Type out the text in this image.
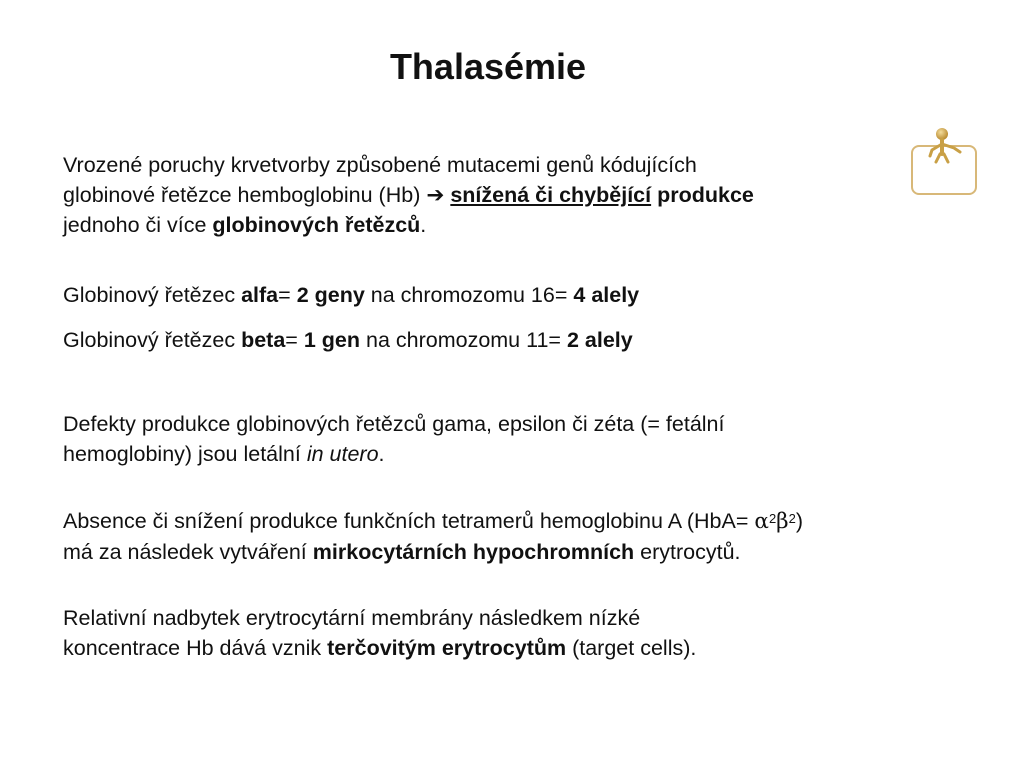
Thalasémie

Vrozené poruchy krvetvorby způsobené mutacemi genů kódujících
globinové řetězce hemboglobinu (Hb) ➔ snížená či chybějící produkce
jednoho či více globinových řetězců.

Globinový řetězec alfa= 2 geny na chromozomu 16= 4 alely

Globinový řetězec beta= 1 gen na chromozomu 11= 2 alely

Defekty produkce globinových řetězců gama, epsilon či zéta (= fetální
hemoglobiny) jsou letální in utero.

Absence či snížení produkce funkčních tetramerů hemoglobinu A $(HbA= \alpha^2\beta^2)$
má za následek vytváření mirkocytárních hypochromních erytrocytů.

Relativní nadbytek erytrocytární membrány následkem nízké
koncentrace Hb dává vznik terčovitým erytrocytům (target cells).
